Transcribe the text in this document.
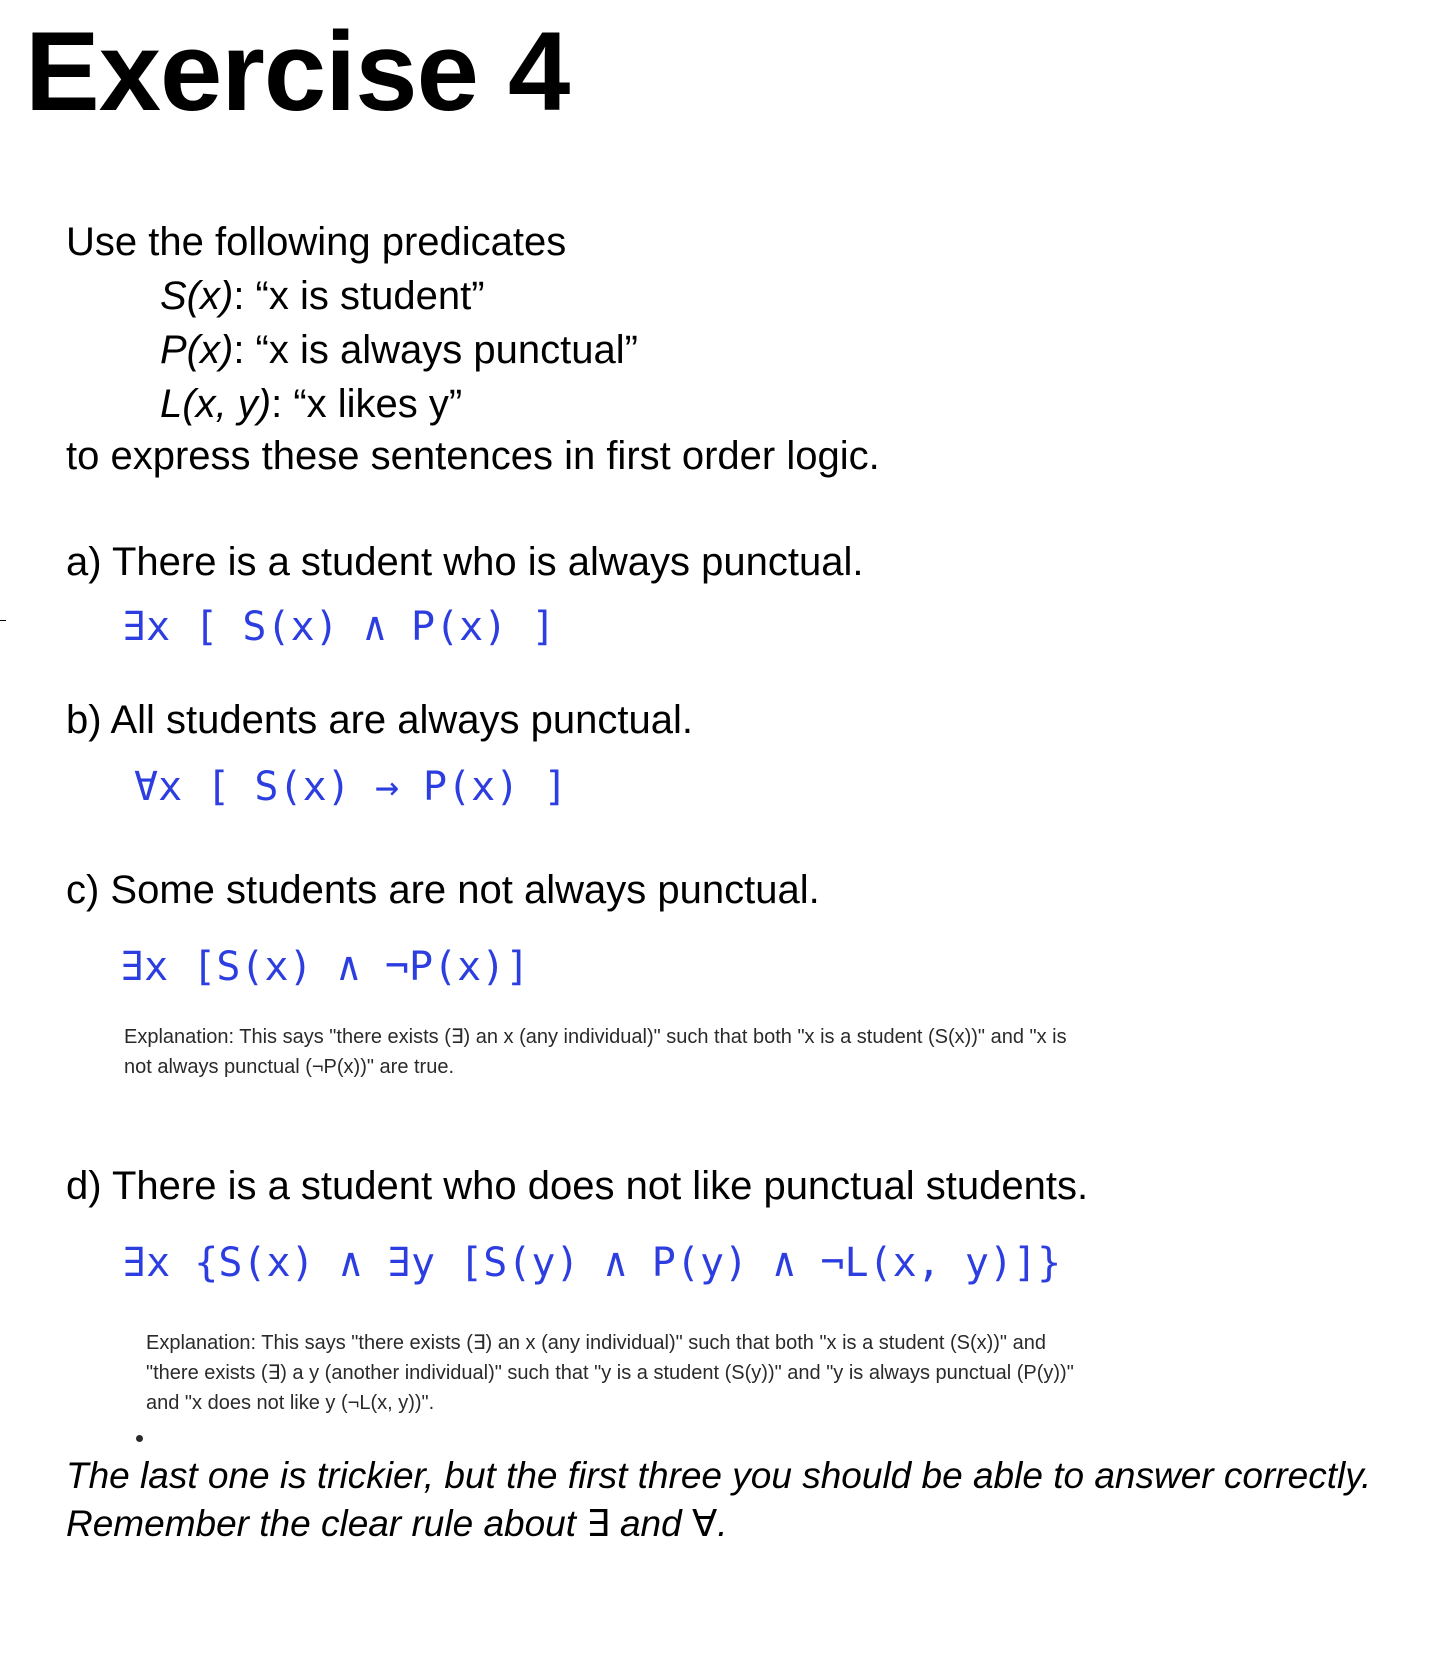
Exercise 4
Use the following predicates
S(x): “x is student”
P(x): “x is always punctual”
L(x, y): “x likes y”
to express these sentences in first order logic.
a) There is a student who is always punctual.
∃x [ S(x) ∧ P(x) ]
b) All students are always punctual.
∀x [ S(x) → P(x) ]
c) Some students are not always punctual.
∃x [S(x) ∧ ¬P(x)]
Explanation: This says "there exists (∃) an x (any individual)" such that both "x is a student (S(x))" and "x is not always punctual (¬P(x))" are true.
d) There is a student who does not like punctual students.
∃x {S(x) ∧ ∃y [S(y) ∧ P(y) ∧ ¬L(x, y)]}
Explanation: This says "there exists (∃) an x (any individual)" such that both "x is a student (S(x))" and "there exists (∃) a y (another individual)" such that "y is a student (S(y))" and "y is always punctual (P(y))" and "x does not like y (¬L(x, y))".
The last one is trickier, but the first three you should be able to answer correctly.
Remember the clear rule about ∃ and ∀.
